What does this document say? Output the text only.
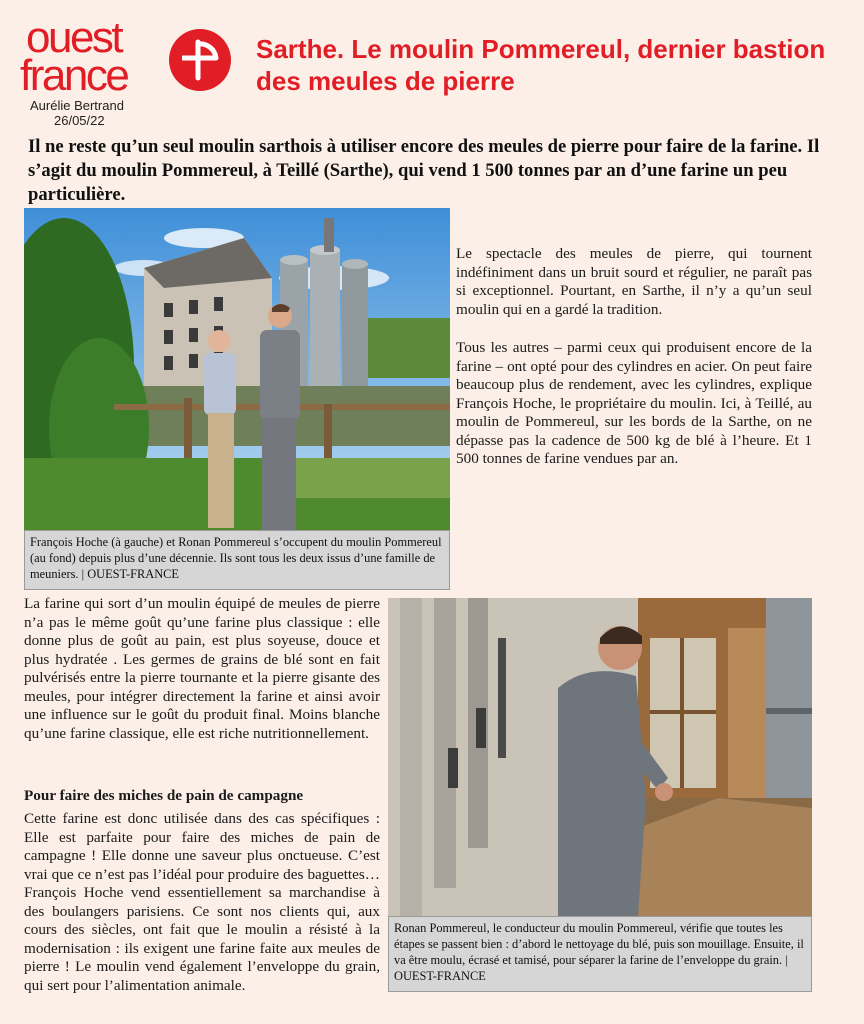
ouest
france
Aurélie Bertrand
26/05/22
Sarthe. Le moulin Pommereul, dernier bastion des meules de pierre

Il ne reste qu’un seul moulin sarthois à utiliser encore des meules de pierre pour faire de la farine. Il s’agit du moulin Pommereul, à Teillé (Sarthe), qui vend 1 500 tonnes par an d’une farine un peu particulière.

François Hoche (à gauche) et Ronan Pommereul s’occupent du moulin Pommereul (au fond) depuis plus d’une décennie. Ils sont tous les deux issus d’une famille de meuniers. | OUEST-FRANCE

Le spectacle des meules de pierre, qui tournent indéfiniment dans un bruit sourd et régulier, ne paraît pas si exceptionnel. Pourtant, en Sarthe, il n’y a qu’un seul moulin qui en a gardé la tradition.

Tous les autres – parmi ceux qui produisent encore de la farine – ont opté pour des cylindres en acier. On peut faire beaucoup plus de rendement, avec les cylindres, explique François Hoche, le propriétaire du moulin. Ici, à Teillé, au moulin de Pommereul, sur les bords de la Sarthe, on ne dépasse pas la cadence de 500 kg de blé à l’heure. Et 1 500 tonnes de farine vendues par an.

La farine qui sort d’un moulin équipé de meules de pierre n’a pas le même goût qu’une farine plus classique : elle donne plus de goût au pain, est plus soyeuse, douce et plus hydratée . Les germes de grains de blé sont en fait pulvérisés entre la pierre tournante et la pierre gisante des meules, pour intégrer directement la farine et ainsi avoir une influence sur le goût du produit final. Moins blanche qu’une farine classique, elle est riche nutritionnellement.

Pour faire des miches de pain de campagne

Cette farine est donc utilisée dans des cas spécifiques : Elle est parfaite pour faire des miches de pain de campagne ! Elle donne une saveur plus onctueuse. C’est vrai que ce n’est pas l’idéal pour produire des baguettes… François Hoche vend essentiellement sa marchandise à des boulangers parisiens. Ce sont nos clients qui, aux cours des siècles, ont fait que le moulin a résisté à la modernisation : ils exigent une farine faite aux meules de pierre ! Le moulin vend également l’enveloppe du grain, qui sert pour l’alimentation animale.

Ronan Pommereul, le conducteur du moulin Pommereul, vérifie que toutes les étapes se passent bien : d’abord le nettoyage du blé, puis son mouillage. Ensuite, il va être moulu, écrasé et tamisé, pour séparer la farine de l’enveloppe du grain. | OUEST-FRANCE
